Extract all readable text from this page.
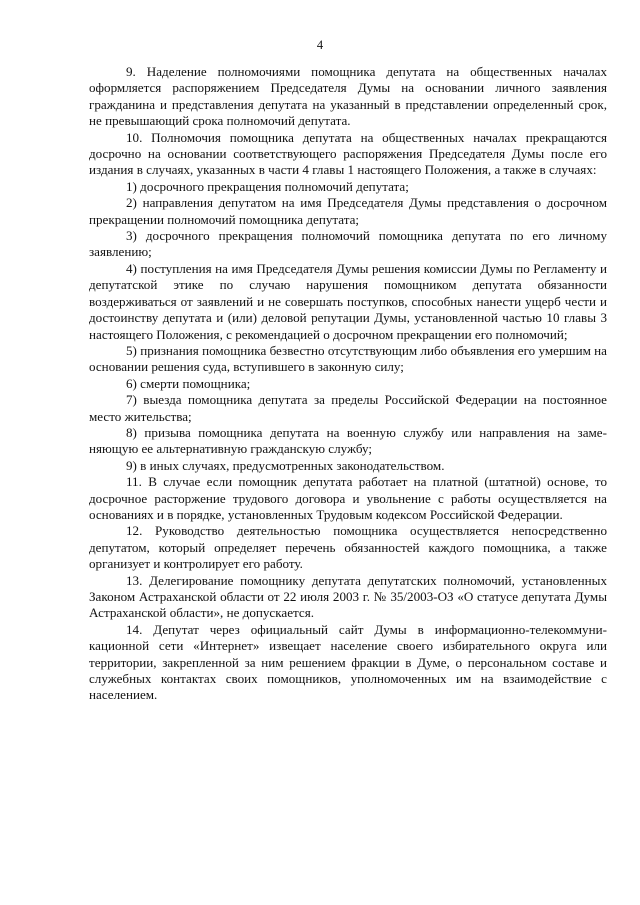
4

9. Наделение полномочиями помощника депутата на общественных началах оформляется распоряжением Председателя Думы на основании личного заявления гражданина и представления депутата на указанный в представлении определенный срок, не превышающий срока полномочий депутата.

10. Полномочия помощника депутата на общественных началах прекращаются досрочно на основании соответствующего распоряжения Председателя Думы после его издания в случаях, указанных в части 4 главы 1 настоящего Положения, а также в случаях:

1) досрочного прекращения полномочий депутата;

2) направления депутатом на имя Председателя Думы представления о досрочном прекращении полномочий помощника депутата;

3) досрочного прекращения полномочий помощника депутата по его личному заявлению;

4) поступления на имя Председателя Думы решения комиссии Думы по Регламенту и депутатской этике по случаю нарушения помощником депутата обязанности воздерживаться от заявлений и не совершать поступков, способных нанести ущерб чести и достоинству депутата и (или) деловой репутации Думы, установленной частью 10 главы 3 настоящего Положения, с рекомендацией о досрочном прекращении его полномочий;

5) признания помощника безвестно отсутствующим либо объявления его умершим на основании решения суда, вступившего в законную силу;

6) смерти помощника;

7) выезда помощника депутата за пределы Российской Федерации на постоянное место жительства;

8) призыва помощника депутата на военную службу или направления на заменяющую ее альтернативную гражданскую службу;

9) в иных случаях, предусмотренных законодательством.

11. В случае если помощник депутата работает на платной (штатной) основе, то досрочное расторжение трудового договора и увольнение с работы осуществляется на основаниях и в порядке, установленных Трудовым кодексом Российской Федерации.

12. Руководство деятельностью помощника осуществляется непосредственно депутатом, который определяет перечень обязанностей каждого помощника, а также организует и контролирует его работу.

13. Делегирование помощнику депутата депутатских полномочий, установленных Законом Астраханской области от 22 июля 2003 г. № 35/2003-ОЗ «О статусе депутата Думы Астраханской области», не допускается.

14. Депутат через официальный сайт Думы в информационно-телекоммуникационной сети «Интернет» извещает население своего избирательного округа или территории, закрепленной за ним решением фракции в Думе, о персональном составе и служебных контактах своих помощников, уполномоченных им на взаимодействие с населением.
